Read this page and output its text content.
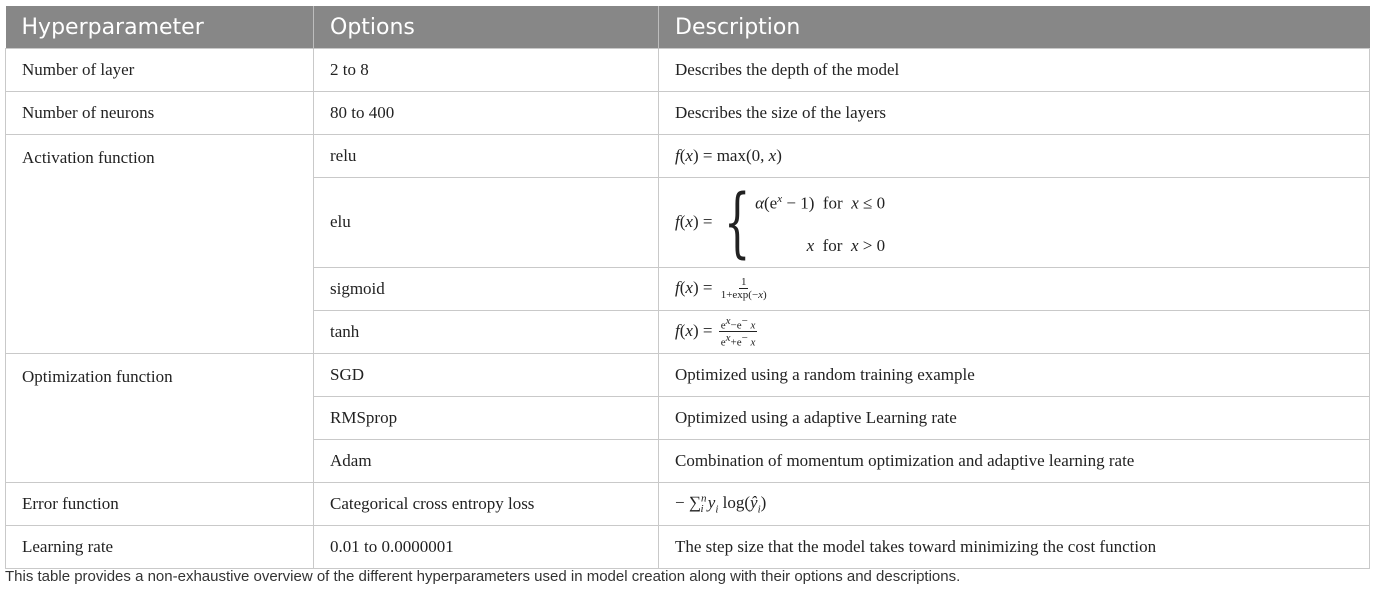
Hyperparameter	Options	Description
Number of layer	2 to 8	Describes the depth of the model
Number of neurons	80 to 400	Describes the size of the layers
Activation function	relu	f(x) = max(0, x)
	elu	f(x) = { $\alpha(e^x - 1)$  for  x ≤ 0
x  for  x > 0

	sigmoid	$f(x) = \frac{1}{1+\exp(-x)}$

	tanh	$f(x) = \frac{e^x-e^- x}{e^x+e^- x}$

Optimization function	SGD	Optimized using a random training example
	RMSprop	Optimized using a adaptive Learning rate
	Adam	Combination of momentum optimization and adaptive learning rate
Error function	Categorical cross entropy loss	− ∑$^n_i$ $y_i$ $\log(ŷ_i)$
Learning rate	0.01 to 0.0000001	The step size that the model takes toward minimizing the cost function
This table provides a non-exhaustive overview of the different hyperparameters used in model creation along with their options and descriptions.
